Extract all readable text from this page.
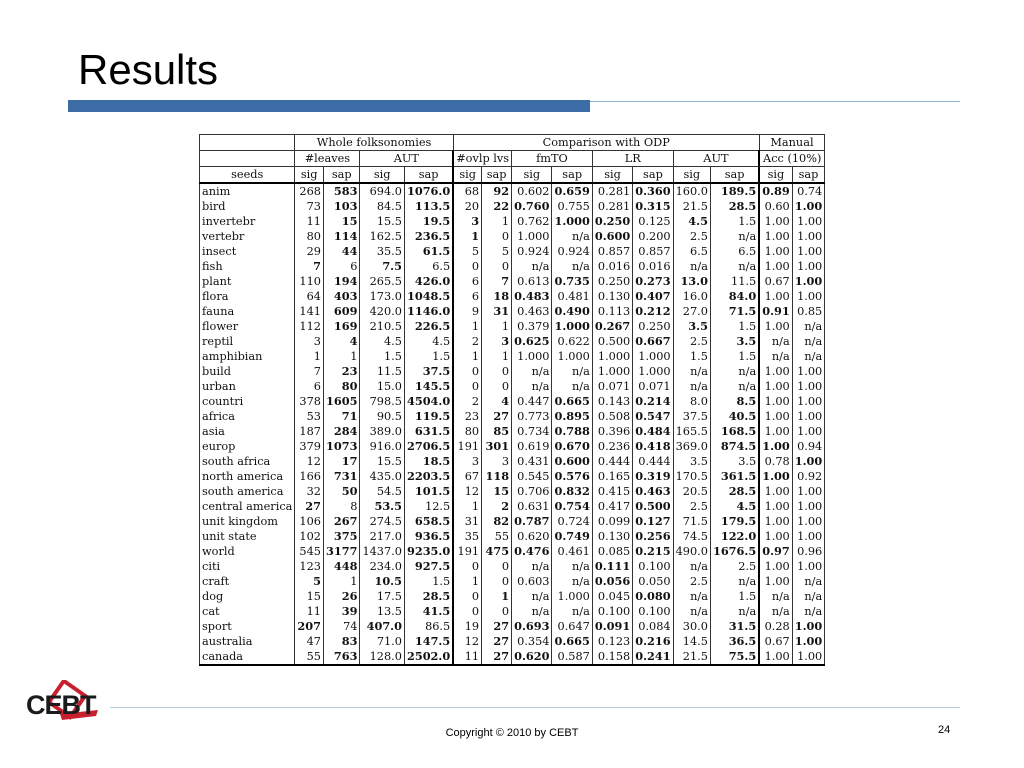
Results
	Whole folksonomies				Comparison with ODP								Manual	
	#leaves		AUT		#ovlp lvs		fmTO		LR		AUT		Acc (10%)	
seeds	sig	sap	sig	sap	sig	sap	sig	sap	sig	sap	sig	sap	sig	sap
anim	268	583	694.0	1076.0	68	92	0.602	0.659	0.281	0.360	160.0	189.5	0.89	0.74
bird	73	103	84.5	113.5	20	22	0.760	0.755	0.281	0.315	21.5	28.5	0.60	1.00
invertebr	11	15	15.5	19.5	3	1	0.762	1.000	0.250	0.125	4.5	1.5	1.00	1.00
vertebr	80	114	162.5	236.5	1	0	1.000	n/a	0.600	0.200	2.5	n/a	1.00	1.00
insect	29	44	35.5	61.5	5	5	0.924	0.924	0.857	0.857	6.5	6.5	1.00	1.00
fish	7	6	7.5	6.5	0	0	n/a	n/a	0.016	0.016	n/a	n/a	1.00	1.00
plant	110	194	265.5	426.0	6	7	0.613	0.735	0.250	0.273	13.0	11.5	0.67	1.00
flora	64	403	173.0	1048.5	6	18	0.483	0.481	0.130	0.407	16.0	84.0	1.00	1.00
fauna	141	609	420.0	1146.0	9	31	0.463	0.490	0.113	0.212	27.0	71.5	0.91	0.85
flower	112	169	210.5	226.5	1	1	0.379	1.000	0.267	0.250	3.5	1.5	1.00	n/a
reptil	3	4	4.5	4.5	2	3	0.625	0.622	0.500	0.667	2.5	3.5	n/a	n/a
amphibian	1	1	1.5	1.5	1	1	1.000	1.000	1.000	1.000	1.5	1.5	n/a	n/a
build	7	23	11.5	37.5	0	0	n/a	n/a	1.000	1.000	n/a	n/a	1.00	1.00
urban	6	80	15.0	145.5	0	0	n/a	n/a	0.071	0.071	n/a	n/a	1.00	1.00
countri	378	1605	798.5	4504.0	2	4	0.447	0.665	0.143	0.214	8.0	8.5	1.00	1.00
africa	53	71	90.5	119.5	23	27	0.773	0.895	0.508	0.547	37.5	40.5	1.00	1.00
asia	187	284	389.0	631.5	80	85	0.734	0.788	0.396	0.484	165.5	168.5	1.00	1.00
europ	379	1073	916.0	2706.5	191	301	0.619	0.670	0.236	0.418	369.0	874.5	1.00	0.94
south africa	12	17	15.5	18.5	3	3	0.431	0.600	0.444	0.444	3.5	3.5	0.78	1.00
north america	166	731	435.0	2203.5	67	118	0.545	0.576	0.165	0.319	170.5	361.5	1.00	0.92
south america	32	50	54.5	101.5	12	15	0.706	0.832	0.415	0.463	20.5	28.5	1.00	1.00
central america	27	8	53.5	12.5	1	2	0.631	0.754	0.417	0.500	2.5	4.5	1.00	1.00
unit kingdom	106	267	274.5	658.5	31	82	0.787	0.724	0.099	0.127	71.5	179.5	1.00	1.00
unit state	102	375	217.0	936.5	35	55	0.620	0.749	0.130	0.256	74.5	122.0	1.00	1.00
world	545	3177	1437.0	9235.0	191	475	0.476	0.461	0.085	0.215	490.0	1676.5	0.97	0.96
citi	123	448	234.0	927.5	0	0	n/a	n/a	0.111	0.100	n/a	2.5	1.00	1.00
craft	5	1	10.5	1.5	1	0	0.603	n/a	0.056	0.050	2.5	n/a	1.00	n/a
dog	15	26	17.5	28.5	0	1	n/a	1.000	0.045	0.080	n/a	1.5	n/a	n/a
cat	11	39	13.5	41.5	0	0	n/a	n/a	0.100	0.100	n/a	n/a	n/a	n/a
sport	207	74	407.0	86.5	19	27	0.693	0.647	0.091	0.084	30.0	31.5	0.28	1.00
australia	47	83	71.0	147.5	12	27	0.354	0.665	0.123	0.216	14.5	36.5	0.67	1.00
canada	55	763	128.0	2502.0	11	27	0.620	0.587	0.158	0.241	21.5	75.5	1.00	1.00
CEBT
Copyright © 2010 by CEBT	24
